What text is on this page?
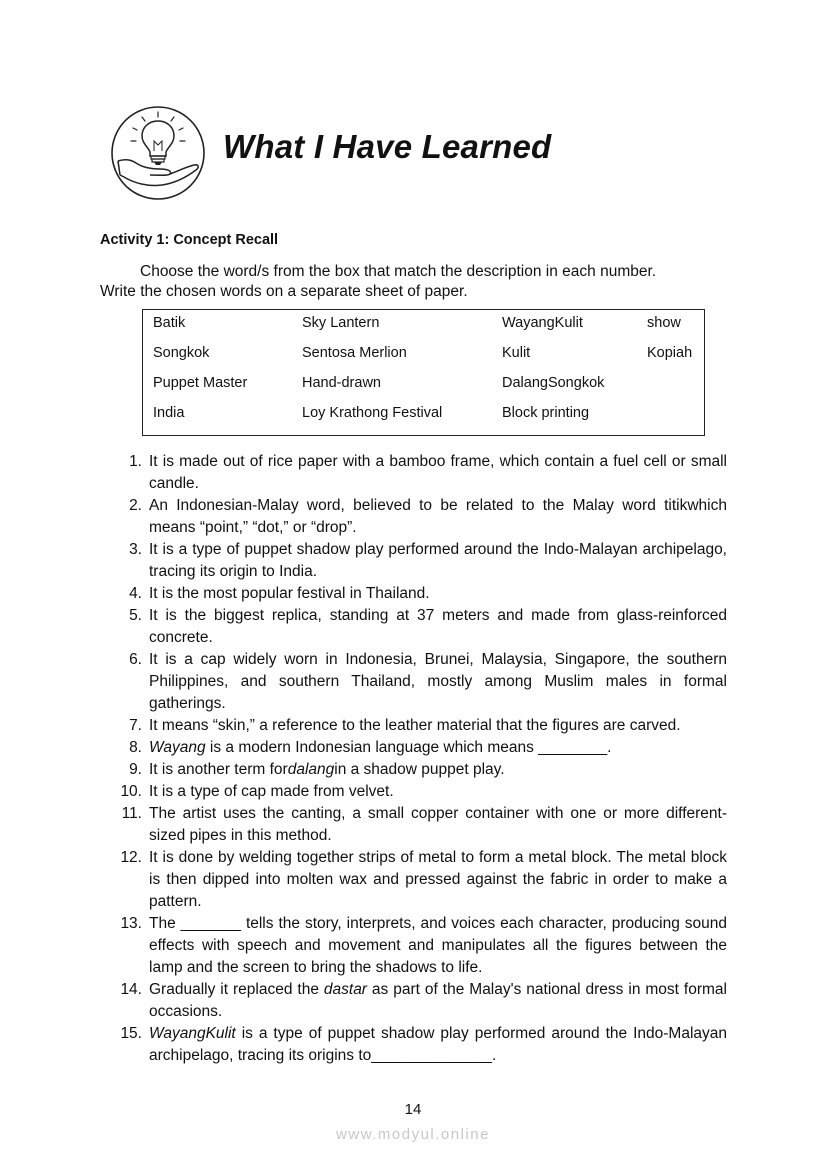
What I Have Learned
Activity 1: Concept Recall
Choose the word/s from the box that match the description in each number.
Write the chosen words on a separate sheet of paper.
Batik	Sky Lantern	WayangKulit	show
Songkok	Sentosa Merlion	Kulit	Kopiah
Puppet Master	Hand-drawn	DalangSongkok
India	Loy Krathong Festival	Block printing
1. It is made out of rice paper with a bamboo frame, which contain a fuel cell or small candle.
2. An Indonesian-Malay word, believed to be related to the Malay word titikwhich means “point,” “dot,” or “drop”.
3. It is a type of puppet shadow play performed around the Indo-Malayan archipelago, tracing its origin to India.
4. It is the most popular festival in Thailand.
5. It is the biggest replica, standing at 37 meters and made from glass-reinforced concrete.
6. It is a cap widely worn in Indonesia, Brunei, Malaysia, Singapore, the southern Philippines, and southern Thailand, mostly among Muslim males in formal gatherings.
7. It means “skin,” a reference to the leather material that the figures are carved.
8. Wayang is a modern Indonesian language which means ________.
9. It is another term fordalangin a shadow puppet play.
10. It is a type of cap made from velvet.
11. The artist uses the canting, a small copper container with one or more different-sized pipes in this method.
12. It is done by welding together strips of metal to form a metal block. The metal block is then dipped into molten wax and pressed against the fabric in order to make a pattern.
13. The _______ tells the story, interprets, and voices each character, producing sound effects with speech and movement and manipulates all the figures between the lamp and the screen to bring the shadows to life.
14. Gradually it replaced the dastar as part of the Malay's national dress in most formal occasions.
15. WayangKulit is a type of puppet shadow play performed around the Indo-Malayan archipelago, tracing its origins to______________.
14
www.modyul.online
